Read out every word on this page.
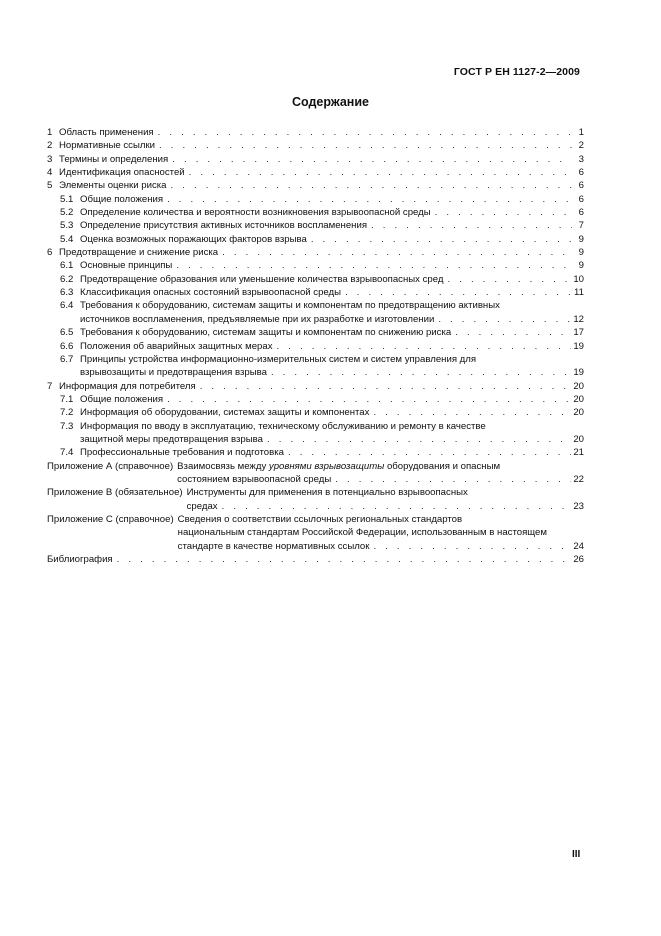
ГОСТ Р ЕН 1127-2—2009
Содержание
1 Область применения . . .	1
2 Нормативные ссылки . . .	2
3 Термины и определения . . .	3
4 Идентификация опасностей . . .	6
5 Элементы оценки риска . . .	6
5.1 Общие положения . . .	6
5.2 Определение количества и вероятности возникновения взрывоопасной среды . . .	6
5.3 Определение присутствия активных источников воспламенения . . .	7
5.4 Оценка возможных поражающих факторов взрыва . . .	9
6 Предотвращение и снижение риска . . .	9
6.1 Основные принципы . . .	9
6.2 Предотвращение образования или уменьшение количества взрывоопасных сред . . .	10
6.3 Классификация опасных состояний взрывоопасной среды . . .	11
6.4 Требования к оборудованию, системам защиты и компонентам по предотвращению активных
источников воспламенения, предъявляемые при их разработке и изготовлении . . .	12
6.5 Требования к оборудованию, системам защиты и компонентам по снижению риска . . .	17
6.6 Положения об аварийных защитных мерах . . .	19
6.7 Принципы устройства информационно-измерительных систем и систем управления для
взрывозащиты и предотвращения взрыва . . .	19
7 Информация для потребителя . . .	20
7.1 Общие положения . . .	20
7.2 Информация об оборудовании, системах защиты и компонентах . . .	20
7.3 Информация по вводу в эксплуатацию, техническому обслуживанию и ремонту в качестве
защитной меры предотвращения взрыва . . .	20
7.4 Профессиональные требования и подготовка . . .	21
Приложение А (справочное) Взаимосвязь между уровнями взрывозащиты оборудования и опасным
состоянием взрывоопасной среды . . .	22
Приложение В (обязательное) Инструменты для применения в потенциально взрывоопасных
средах . . .	23
Приложение С (справочное) Сведения о соответствии ссылочных региональных стандартов
национальным стандартам Российской Федерации, использованным в настоящем
стандарте в качестве нормативных ссылок . . .	24
Библиография . . .	26
III
